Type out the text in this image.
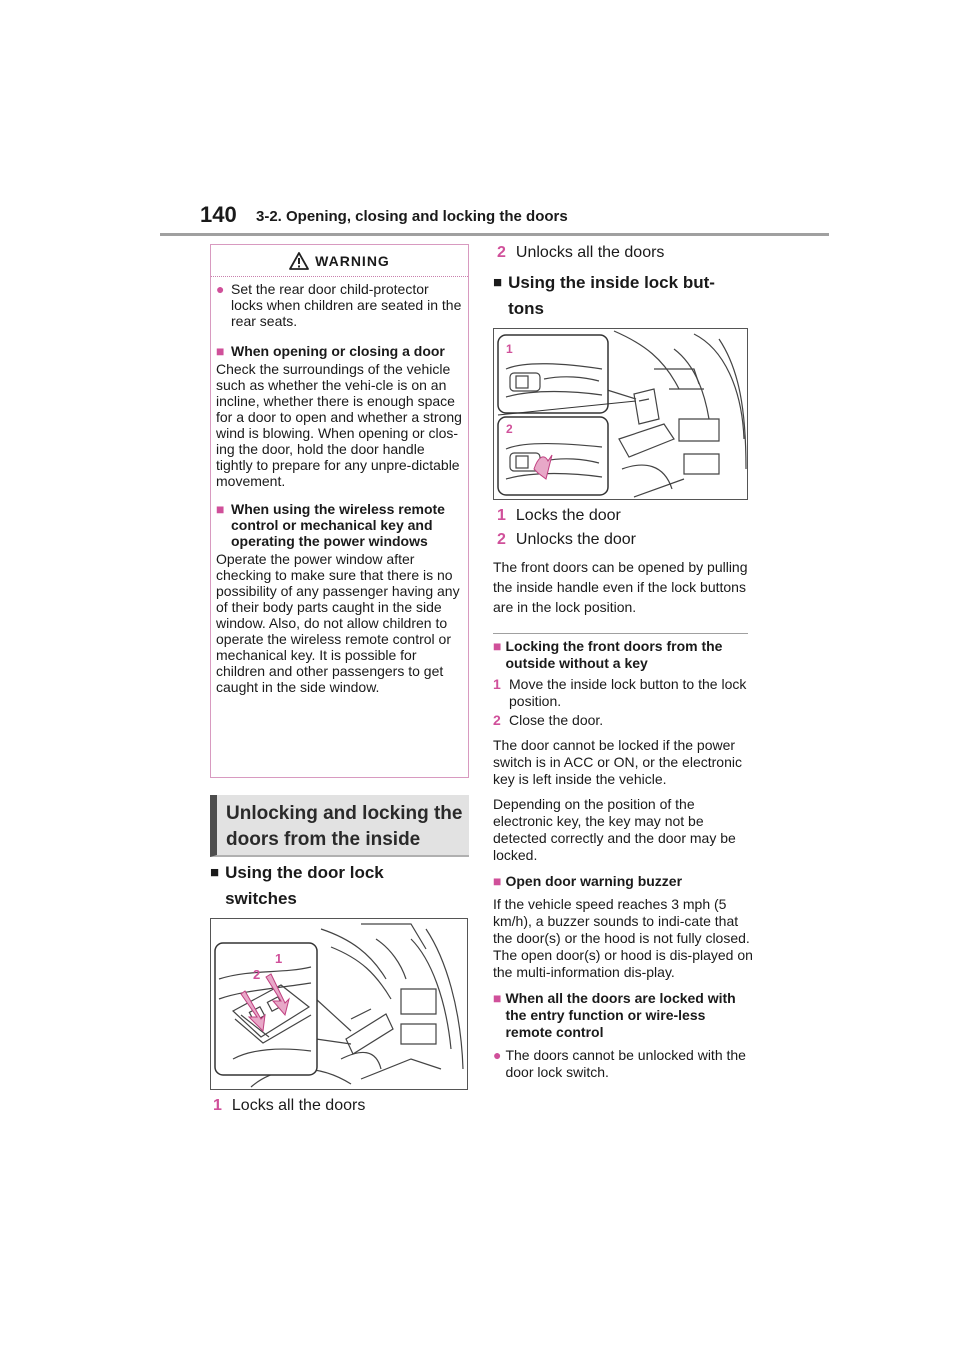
140 3-2. Opening, closing and locking the doors
WARNING
● Set the rear door child-protector locks when children are seated in the rear seats.
■ When opening or closing a door

Check the surroundings of the vehicle such as whether the vehi-cle is on an incline, whether there is enough space for a door to open and whether a strong wind is blowing. When opening or clos-ing the door, hold the door handle tightly to prepare for any unpre-dictable movement.

■ When using the wireless remote control or mechanical key and operating the power windows

Operate the power window after checking to make sure that there is no possibility of any passenger having any of their body parts caught in the side window. Also, do not allow children to operate the wireless remote control or mechanical key. It is possible for children and other passengers to get caught in the side window.

Unlocking and locking the
doors from the inside
■ Using the door lock
switches
2
1
1 Locks all the doors
2 Unlocks all the doors
■ Using the inside lock but-
tons
1
2
1 Locks the door
2 Unlocks the door
The front doors can be opened by pulling the inside handle even if the lock buttons are in the lock position.
■ Locking the front doors from the outside without a key
1 Move the inside lock button to the lock position.
2 Close the door.

The door cannot be locked if the power switch is in ACC or ON, or the electronic key is left inside the vehicle.

Depending on the position of the electronic key, the key may not be detected correctly and the door may be locked.

■ Open door warning buzzer

If the vehicle speed reaches 3 mph (5 km/h), a buzzer sounds to indi-cate that the door(s) or the hood is not fully closed.

The open door(s) or hood is dis-played on the multi-information dis-play.

■ When all the doors are locked with the entry function or wire-less remote control
● The doors cannot be unlocked with the door lock switch.
